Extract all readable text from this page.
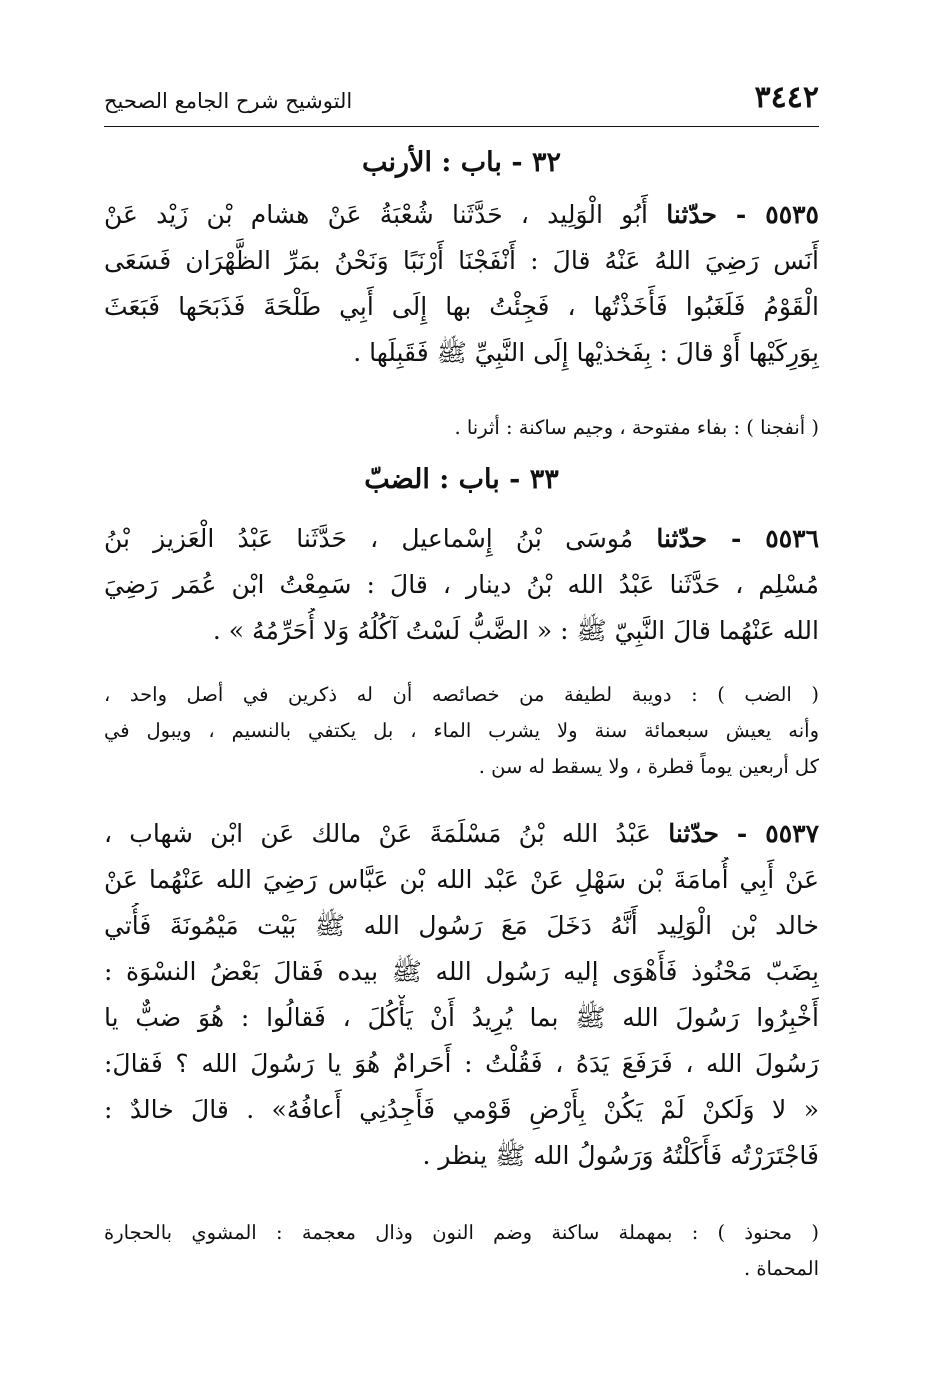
٣٤٤٢
التوشيح شرح الجامع الصحيح
٣٢ - باب : الأرنب
٥٥٣٥ - حدّثنا أَبُو الْوَلِيد ، حَدَّثَنا شُعْبَةُ عَنْ هشام بْن زَيْد عَنْ
أَنَس رَضِيَ اللهُ عَنْهُ قالَ : أَنْفَجْنَا أَرْنَبًا وَنَحْنُ بمَرِّ الظَّهْرَان فَسَعَى
الْقَوْمُ فَلَغَبُوا فَأَخَذْتُها ، فَجِئْتُ بها إِلَى أَبِي طَلْحَةَ فَذَبَحَها فَبَعَثَ
بِوَرِكَيْها أَوْ قالَ : بِفَخذيْها إِلَى النَّبِيِّ ﷺ فَقَبِلَها .
( أنفجنا ) : بفاء مفتوحة ، وجيم ساكنة : أثرنا .
٣٣ - باب : الضبّ
٥٥٣٦ - حدّثنا مُوسَى بْنُ إِسْماعيل ، حَدَّثَنا عَبْدُ الْعَزيز بْنُ
مُسْلِم ، حَدَّثَنا عَبْدُ الله بْنُ دينار ، قالَ : سَمِعْتُ ابْن عُمَر رَضِيَ
الله عَنْهُما قالَ النَّبِيّ ﷺ : « الضَّبُّ لَسْتُ آكُلُهُ وَلا أُحَرِّمُهُ » .
( الضب ) : دويبة لطيفة من خصائصه أن له ذكرين في أصل واحد ،
وأنه يعيش سبعمائة سنة ولا يشرب الماء ، بل يكتفي بالنسيم ، ويبول في
كل أربعين يوماً قطرة ، ولا يسقط له سن .
٥٥٣٧ - حدّثنا عَبْدُ الله بْنُ مَسْلَمَةَ عَنْ مالك عَن ابْن شهاب ،
عَنْ أَبِي أُمامَةَ بْن سَهْلِ عَنْ عَبْد الله بْن عَبَّاس رَضِيَ الله عَنْهُما عَنْ
خالد بْن الْوَلِيد أَنَّهُ دَخَلَ مَعَ رَسُول الله ﷺ بَيْت مَيْمُونَةَ فَأُتي
بِضَبّ مَحْنُوذ فَأَهْوَى إليه رَسُول الله ﷺ بيده فَقالَ بَعْضُ النسْوَة :
أَخْبِرُوا رَسُولَ الله ﷺ بما يُرِيدُ أَنْ يَأْكُلَ ، فَقالُوا : هُوَ ضبٌّ يا
رَسُولَ الله ، فَرَفَعَ يَدَهُ ، فَقُلْتُ : أَحَرامٌ هُوَ يا رَسُولَ الله ؟ فَقالَ:
« لا وَلَكنْ لَمْ يَكُنْ بِأَرْضِ قَوْمي فَأَجِدُنِي أَعافُهُ» . قالَ خالدٌ :
فَاجْتَرَرْتُه فَأَكَلْتُهُ وَرَسُولُ الله ﷺ ينظر .
( محنوذ ) : بمهملة ساكنة وضم النون وذال معجمة : المشوي بالحجارة
المحماة .
